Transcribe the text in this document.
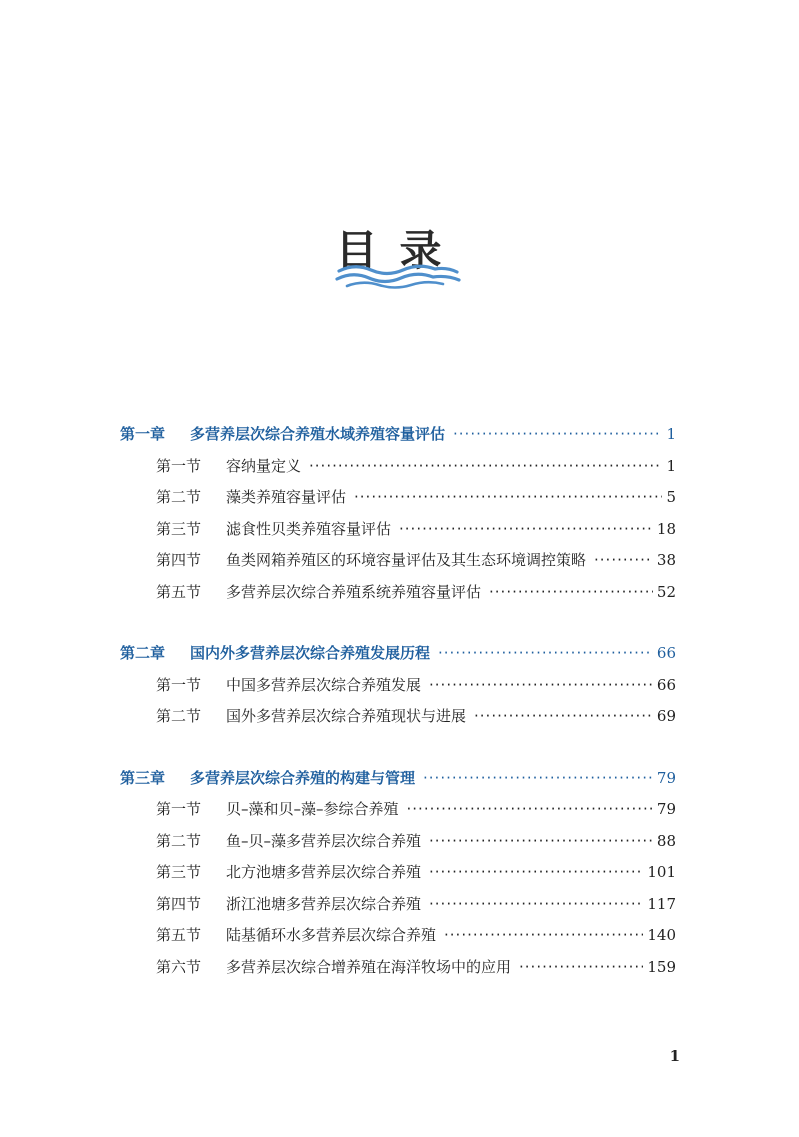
目录
第一章	多营养层次综合养殖水域养殖容量评估 ·····	1
第一节	容纳量定义 ·····	1
第二节	藻类养殖容量评估 ·····	5
第三节	滤食性贝类养殖容量评估 ·····	18
第四节	鱼类网箱养殖区的环境容量评估及其生态环境调控策略 ·····	38
第五节	多营养层次综合养殖系统养殖容量评估 ·····	52
第二章	国内外多营养层次综合养殖发展历程 ·····	66
第一节	中国多营养层次综合养殖发展 ·····	66
第二节	国外多营养层次综合养殖现状与进展 ·····	69
第三章	多营养层次综合养殖的构建与管理 ·····	79
第一节	贝–藻和贝–藻–参综合养殖 ·····	79
第二节	鱼–贝–藻多营养层次综合养殖 ·····	88
第三节	北方池塘多营养层次综合养殖 ·····	101
第四节	浙江池塘多营养层次综合养殖 ·····	117
第五节	陆基循环水多营养层次综合养殖 ·····	140
第六节	多营养层次综合增养殖在海洋牧场中的应用 ·····	159
1
